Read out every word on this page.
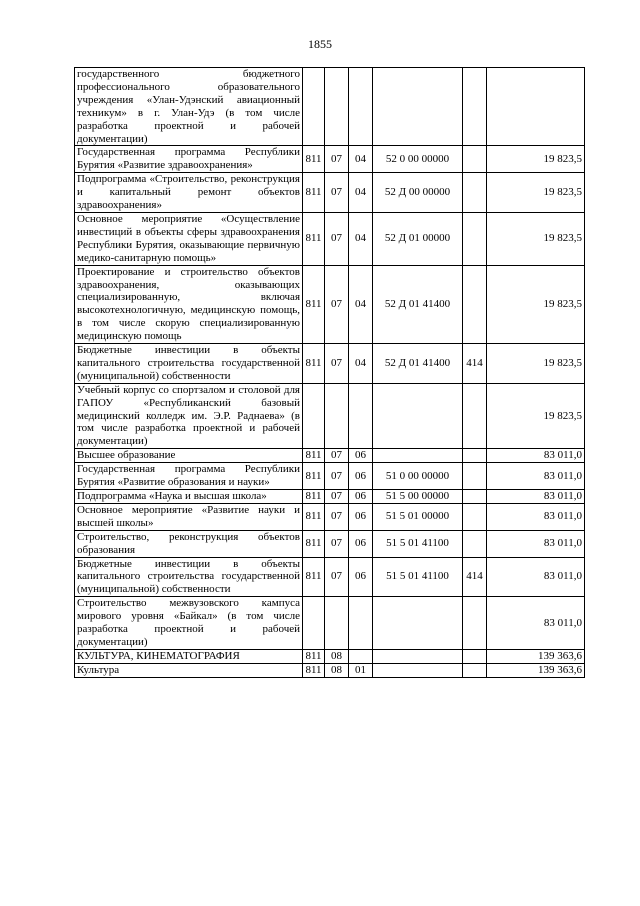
1855
государственного бюджетного профессионального образовательного учреждения «Улан-Удэнский авиационный техникум» в г. Улан-Удэ (в том числе разработка проектной и рабочей документации)						
Государственная программа Республики Бурятия «Развитие здравоохранения»	811	07	04	52 0 00 00000		19 823,5
Подпрограмма «Строительство, реконструкция и капитальный ремонт объектов здравоохранения»	811	07	04	52 Д 00 00000		19 823,5
Основное мероприятие «Осуществление инвестиций в объекты сферы здравоохранения Республики Бурятия, оказывающие первичную медико-санитарную помощь»	811	07	04	52 Д 01 00000		19 823,5
Проектирование и строительство объектов здравоохранения, оказывающих специализированную, включая высокотехнологичную, медицинскую помощь, в том числе скорую специализированную медицинскую помощь	811	07	04	52 Д 01 41400		19 823,5
Бюджетные инвестиции в объекты капитального строительства государственной (муниципальной) собственности	811	07	04	52 Д 01 41400	414	19 823,5
Учебный корпус со спортзалом и столовой для ГАПОУ «Республиканский базовый медицинский колледж им. Э.Р. Раднаева» (в том числе разработка проектной и рабочей документации)						19 823,5
Высшее образование	811	07	06			83 011,0
Государственная программа Республики Бурятия «Развитие образования и науки»	811	07	06	51 0 00 00000		83 011,0
Подпрограмма «Наука и высшая школа»	811	07	06	51 5 00 00000		83 011,0
Основное мероприятие «Развитие науки и высшей школы»	811	07	06	51 5 01 00000		83 011,0
Строительство, реконструкция объектов образования	811	07	06	51 5 01 41100		83 011,0
Бюджетные инвестиции в объекты капитального строительства государственной (муниципальной) собственности	811	07	06	51 5 01 41100	414	83 011,0
Строительство межвузовского кампуса мирового уровня «Байкал» (в том числе разработка проектной и рабочей документации)						83 011,0
КУЛЬТУРА, КИНЕМАТОГРАФИЯ	811	08				139 363,6
Культура	811	08	01			139 363,6
